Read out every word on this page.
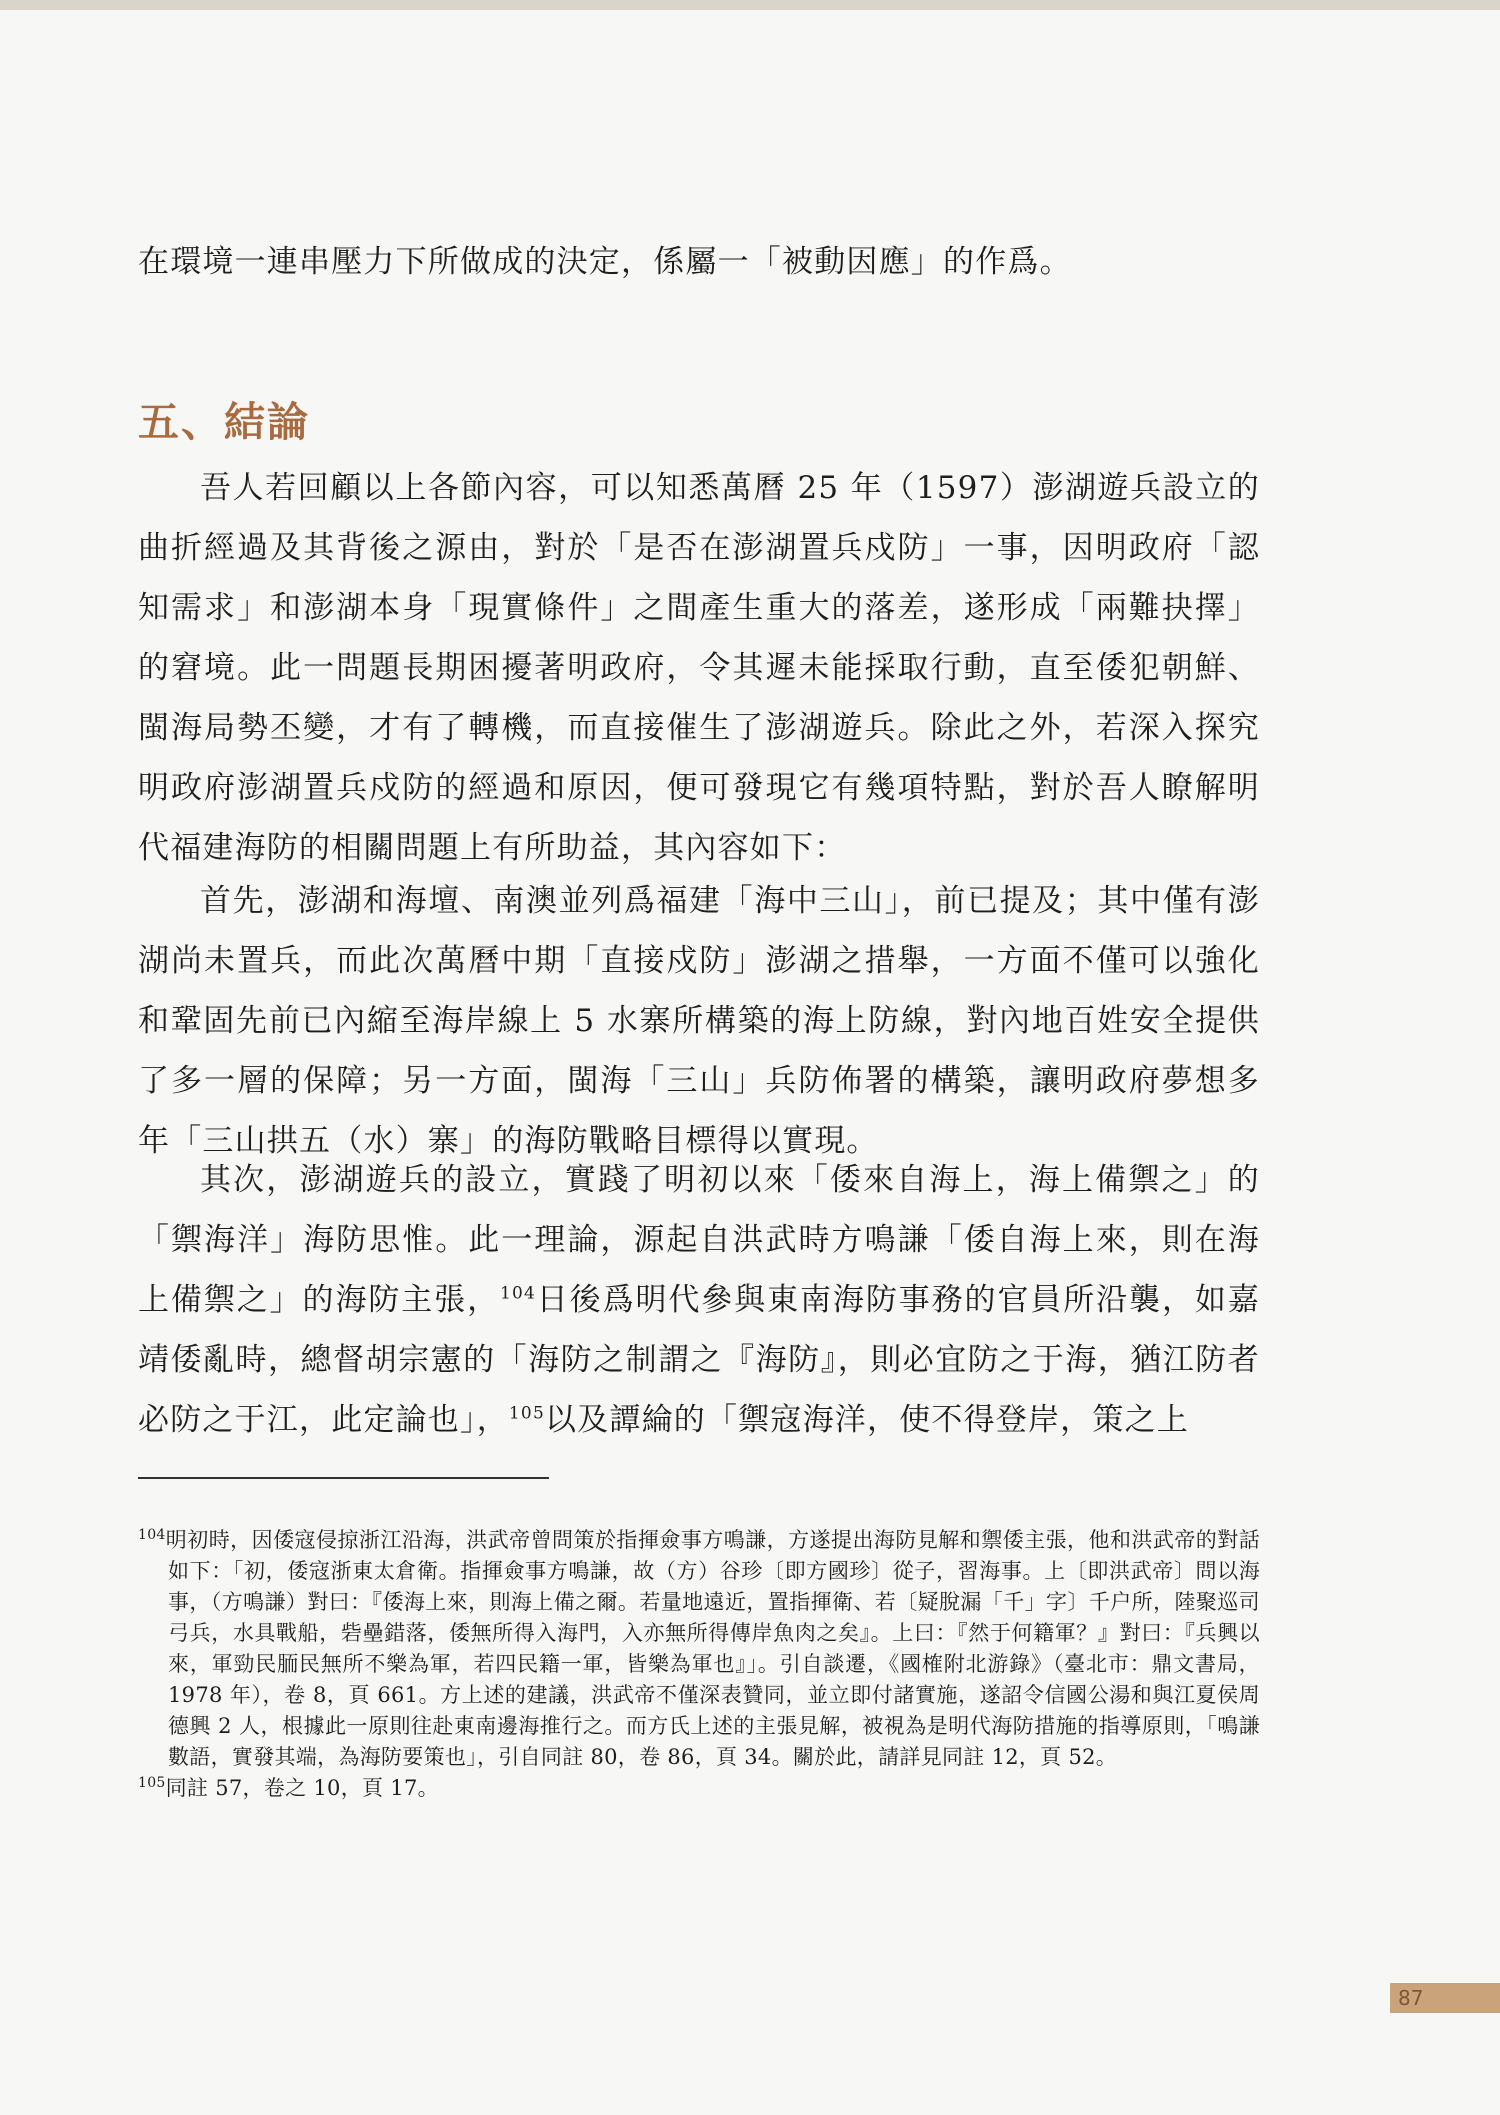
在環境一連串壓力下所做成的決定，係屬一「被動因應」的作爲。

五、結論

吾人若回顧以上各節內容，可以知悉萬曆 25 年（1597）澎湖遊兵設立的曲折經過及其背後之源由，對於「是否在澎湖置兵戍防」一事，因明政府「認知需求」和澎湖本身「現實條件」之間產生重大的落差，遂形成「兩難抉擇」的窘境。此一問題長期困擾著明政府，令其遲未能採取行動，直至倭犯朝鮮、閩海局勢丕變，才有了轉機，而直接催生了澎湖遊兵。除此之外，若深入探究明政府澎湖置兵戍防的經過和原因，便可發現它有幾項特點，對於吾人瞭解明代福建海防的相關問題上有所助益，其內容如下：

首先，澎湖和海壇、南澳並列爲福建「海中三山」，前已提及；其中僅有澎湖尚未置兵，而此次萬曆中期「直接戍防」澎湖之措舉，一方面不僅可以強化和鞏固先前已內縮至海岸線上 5 水寨所構築的海上防線，對內地百姓安全提供了多一層的保障；另一方面，閩海「三山」兵防佈署的構築，讓明政府夢想多年「三山拱五（水）寨」的海防戰略目標得以實現。

其次，澎湖遊兵的設立，實踐了明初以來「倭來自海上，海上備禦之」的「禦海洋」海防思惟。此一理論，源起自洪武時方鳴謙「倭自海上來，則在海上備禦之」的海防主張，$^{104}$日後爲明代參與東南海防事務的官員所沿襲，如嘉靖倭亂時，總督胡宗憲的「海防之制謂之『海防』，則必宜防之于海，猶江防者必防之于江，此定論也」，$^{105}$以及譚綸的「禦寇海洋，使不得登岸，策之上

$^{104}$明初時，因倭寇侵掠浙江沿海，洪武帝曾問策於指揮僉事方鳴謙，方遂提出海防見解和禦倭主張，他和洪武帝的對話如下：「初，倭寇浙東太倉衛。指揮僉事方鳴謙，故（方）谷珍〔即方國珍〕從子，習海事。上〔即洪武帝〕問以海事，（方鳴謙）對曰：『倭海上來，則海上備之爾。若量地遠近，置指揮衛、若〔疑脫漏「千」字〕千户所，陸聚巡司弓兵，水具戰船，砦壘錯落，倭無所得入海門，入亦無所得傳岸魚肉之矣』。上曰：『然于何籍軍？』對曰：『兵興以來，軍勁民胹民無所不樂為軍，若四民籍一軍，皆樂為軍也』」。引自談遷，《國榷附北游錄》（臺北市：鼎文書局，1978 年），卷 8，頁 661。方上述的建議，洪武帝不僅深表贊同，並立即付諸實施，遂詔令信國公湯和與江夏侯周德興 2 人，根據此一原則往赴東南邊海推行之。而方氏上述的主張見解，被視為是明代海防措施的指導原則，「鳴謙數語，實發其端，為海防要策也」，引自同註 80，卷 86，頁 34。關於此，請詳見同註 12，頁 52。

$^{105}$同註 57，卷之 10，頁 17。

87
